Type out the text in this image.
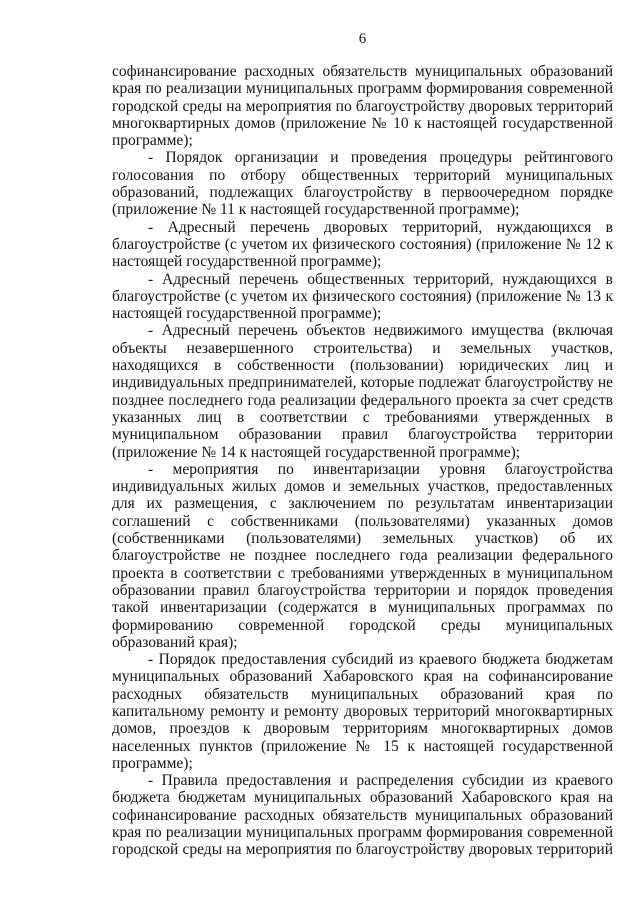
6

софинансирование расходных обязательств муниципальных образований края по реализации муниципальных программ формирования современной городской среды на мероприятия по благоустройству дворовых территорий многоквартирных домов (приложение № 10 к настоящей государственной программе);

- Порядок организации и проведения процедуры рейтингового голосования по отбору общественных территорий муниципальных образований, подлежащих благоустройству в первоочередном порядке (приложение № 11 к настоящей государственной программе);

- Адресный перечень дворовых территорий, нуждающихся в благоустройстве (с учетом их физического состояния) (приложение № 12 к настоящей государственной программе);

- Адресный перечень общественных территорий, нуждающихся в благоустройстве (с учетом их физического состояния) (приложение № 13 к настоящей государственной программе);

- Адресный перечень объектов недвижимого имущества (включая объекты незавершенного строительства) и земельных участков, находящихся в собственности (пользовании) юридических лиц и индивидуальных предпринимателей, которые подлежат благоустройству не позднее последнего года реализации федерального проекта за счет средств указанных лиц в соответствии с требованиями утвержденных в муниципальном образовании правил благоустройства территории (приложение № 14 к настоящей государственной программе);

- мероприятия по инвентаризации уровня благоустройства индивидуальных жилых домов и земельных участков, предоставленных для их размещения, с заключением по результатам инвентаризации соглашений с собственниками (пользователями) указанных домов (собственниками (пользователями) земельных участков) об их благоустройстве не позднее последнего года реализации федерального проекта в соответствии с требованиями утвержденных в муниципальном образовании правил благоустройства территории и порядок проведения такой инвентаризации (содержатся в муниципальных программах по формированию современной городской среды муниципальных образований края);

- Порядок предоставления субсидий из краевого бюджета бюджетам муниципальных образований Хабаровского края на софинансирование расходных обязательств муниципальных образований края по капитальному ремонту и ремонту дворовых территорий многоквартирных домов, проездов к дворовым территориям многоквартирных домов населенных пунктов (приложение № 15 к настоящей государственной программе);

- Правила предоставления и распределения субсидии из краевого бюджета бюджетам муниципальных образований Хабаровского края на софинансирование расходных обязательств муниципальных образований края по реализации муниципальных программ формирования современной городской среды на мероприятия по благоустройству дворовых территорий
